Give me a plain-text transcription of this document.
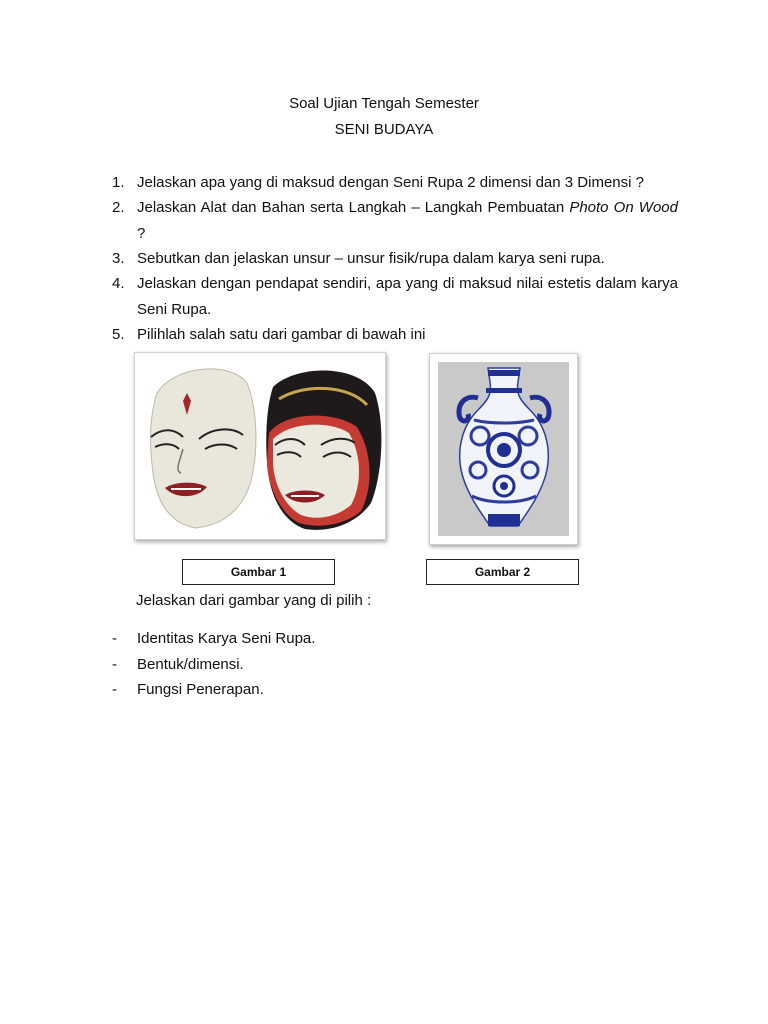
Soal Ujian Tengah Semester
SENI BUDAYA
1. Jelaskan apa yang di maksud dengan Seni Rupa 2 dimensi dan 3 Dimensi ?
2. Jelaskan Alat dan Bahan serta Langkah – Langkah Pembuatan Photo On Wood ?
3. Sebutkan dan jelaskan unsur – unsur fisik/rupa dalam karya seni rupa.
4. Jelaskan dengan pendapat sendiri, apa yang di maksud nilai estetis dalam karya Seni Rupa.
5. Pilihlah salah satu dari gambar di bawah ini
Gambar 1	Gambar 2
Jelaskan dari gambar yang di pilih :
- Identitas Karya Seni Rupa.
- Bentuk/dimensi.
- Fungsi Penerapan.
